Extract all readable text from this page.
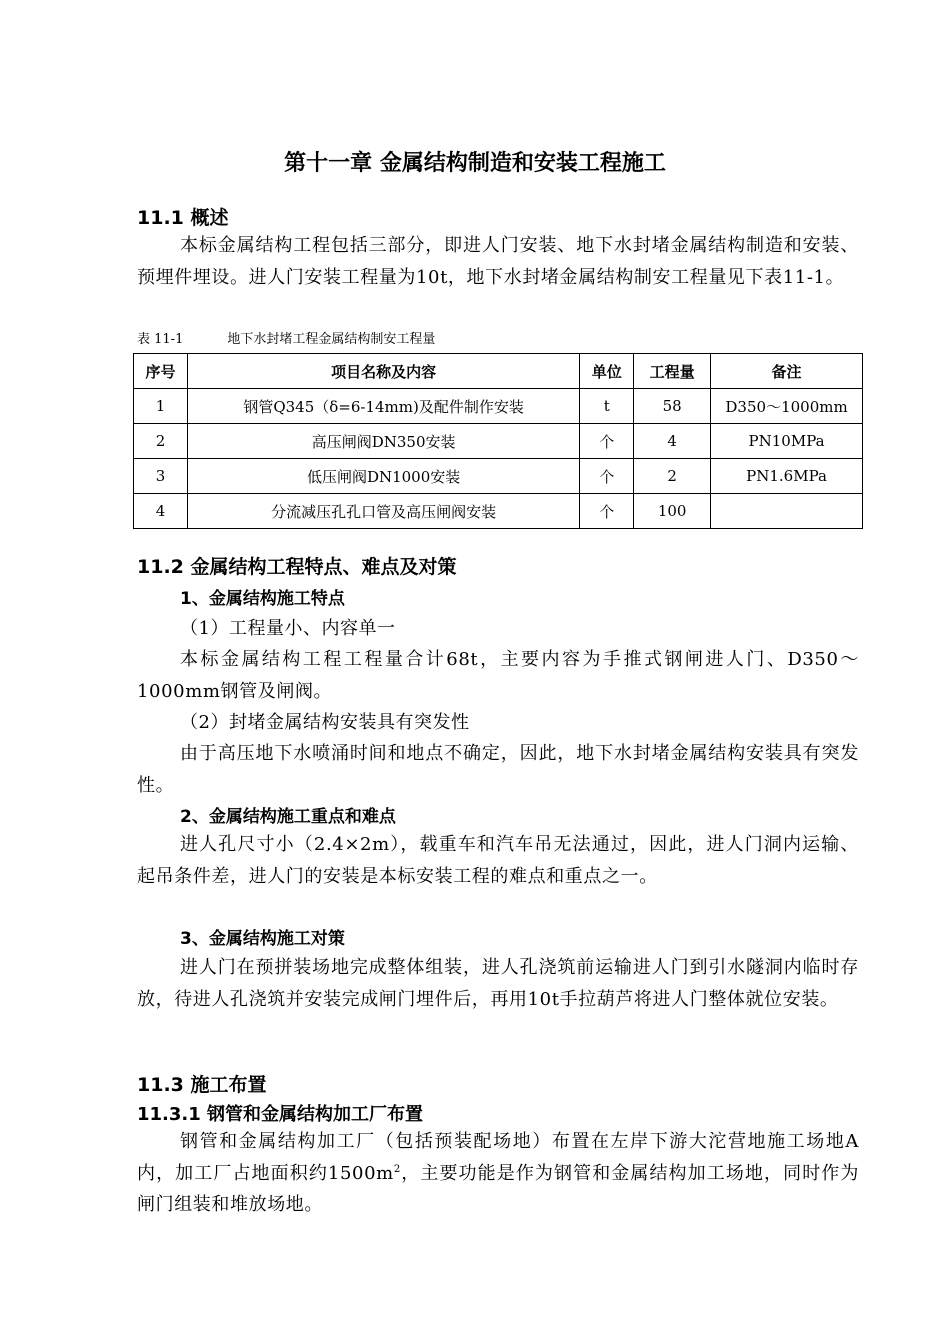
第十一章 金属结构制造和安装工程施工
11.1 概述
本标金属结构工程包括三部分，即进人门安装、地下水封堵金属结构制造和安装、预埋件埋设。进人门安装工程量为10t，地下水封堵金属结构制安工程量见下表11-1。
表 11-1	地下水封堵工程金属结构制安工程量
序号	项目名称及内容	单位	工程量	备注
1	钢管Q345（δ=6-14mm)及配件制作安装	t	58	D350～1000mm
2	高压闸阀DN350安装	个	4	PN10MPa
3	低压闸阀DN1000安装	个	2	PN1.6MPa
4	分流减压孔孔口管及高压闸阀安装	个	100	
11.2 金属结构工程特点、难点及对策
1、金属结构施工特点
（1）工程量小、内容单一
本标金属结构工程工程量合计68t，主要内容为手推式钢闸进人门、D350～1000mm钢管及闸阀。
（2）封堵金属结构安装具有突发性
由于高压地下水喷涌时间和地点不确定，因此，地下水封堵金属结构安装具有突发性。
2、金属结构施工重点和难点
进人孔尺寸小（2.4×2m），载重车和汽车吊无法通过，因此，进人门洞内运输、起吊条件差，进人门的安装是本标安装工程的难点和重点之一。
3、金属结构施工对策
进人门在预拼装场地完成整体组装，进人孔浇筑前运输进人门到引水隧洞内临时存放，待进人孔浇筑并安装完成闸门埋件后，再用10t手拉葫芦将进人门整体就位安装。
11.3 施工布置
11.3.1 钢管和金属结构加工厂布置
钢管和金属结构加工厂（包括预装配场地）布置在左岸下游大沱营地施工场地A内，加工厂占地面积约$1500m^2$，主要功能是作为钢管和金属结构加工场地，同时作为闸门组装和堆放场地。
